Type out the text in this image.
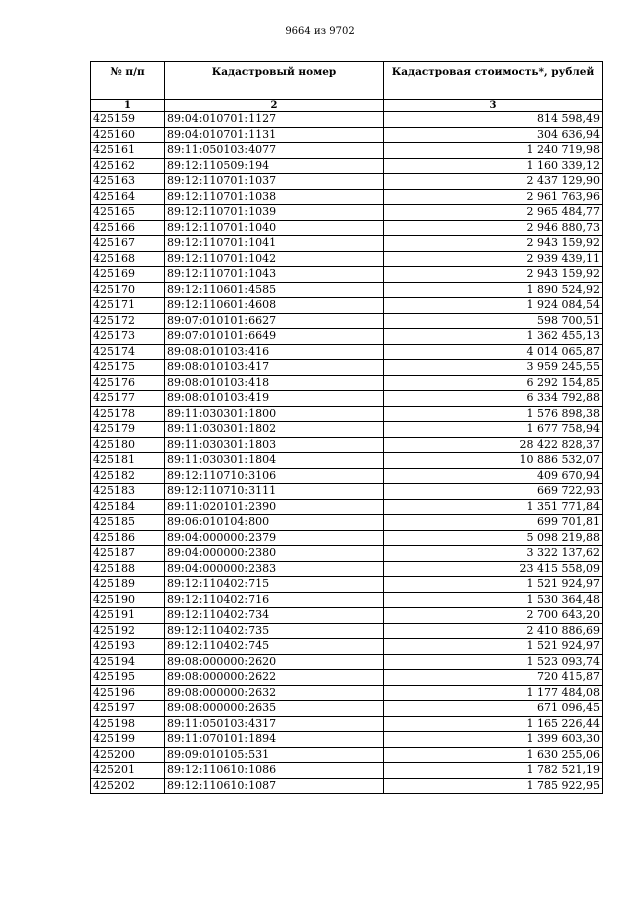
9664 из 9702
№ п/п	Кадастровый номер	Кадастровая стоимость*, рублей
1	2	3
425159	89:04:010701:1127	814 598,49
425160	89:04:010701:1131	304 636,94
425161	89:11:050103:4077	1 240 719,98
425162	89:12:110509:194	1 160 339,12
425163	89:12:110701:1037	2 437 129,90
425164	89:12:110701:1038	2 961 763,96
425165	89:12:110701:1039	2 965 484,77
425166	89:12:110701:1040	2 946 880,73
425167	89:12:110701:1041	2 943 159,92
425168	89:12:110701:1042	2 939 439,11
425169	89:12:110701:1043	2 943 159,92
425170	89:12:110601:4585	1 890 524,92
425171	89:12:110601:4608	1 924 084,54
425172	89:07:010101:6627	598 700,51
425173	89:07:010101:6649	1 362 455,13
425174	89:08:010103:416	4 014 065,87
425175	89:08:010103:417	3 959 245,55
425176	89:08:010103:418	6 292 154,85
425177	89:08:010103:419	6 334 792,88
425178	89:11:030301:1800	1 576 898,38
425179	89:11:030301:1802	1 677 758,94
425180	89:11:030301:1803	28 422 828,37
425181	89:11:030301:1804	10 886 532,07
425182	89:12:110710:3106	409 670,94
425183	89:12:110710:3111	669 722,93
425184	89:11:020101:2390	1 351 771,84
425185	89:06:010104:800	699 701,81
425186	89:04:000000:2379	5 098 219,88
425187	89:04:000000:2380	3 322 137,62
425188	89:04:000000:2383	23 415 558,09
425189	89:12:110402:715	1 521 924,97
425190	89:12:110402:716	1 530 364,48
425191	89:12:110402:734	2 700 643,20
425192	89:12:110402:735	2 410 886,69
425193	89:12:110402:745	1 521 924,97
425194	89:08:000000:2620	1 523 093,74
425195	89:08:000000:2622	720 415,87
425196	89:08:000000:2632	1 177 484,08
425197	89:08:000000:2635	671 096,45
425198	89:11:050103:4317	1 165 226,44
425199	89:11:070101:1894	1 399 603,30
425200	89:09:010105:531	1 630 255,06
425201	89:12:110610:1086	1 782 521,19
425202	89:12:110610:1087	1 785 922,95
